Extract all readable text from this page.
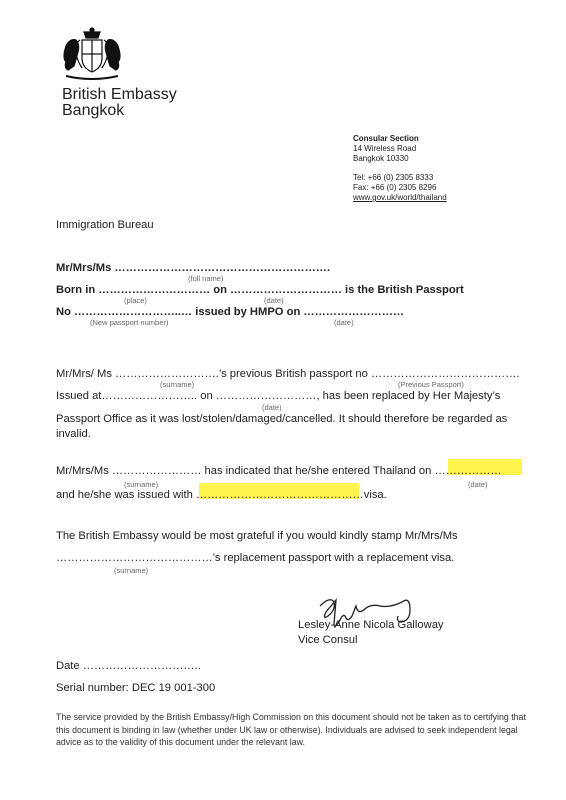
British Embassy
Bangkok
Consular Section
14 Wireless Road
Bangkok 10330
Tel: +66 (0) 2305 8333
Fax: +66 (0) 2305 8296
www.gov.uk/world/thailand
Immigration Bureau
Mr/Mrs/Ms ………………………………………………….
(full name)
Born in ………………………… on ………………………… is the British Passport
(place)	(date)
No ………………………..… issued by HMPO on ………………………
(New passport number)	(date)
Mr/Mrs/ Ms ……………………….’s previous British passport no ………………………………….
(surname)	(Previous Passport)
Issued at…………………….. on ………………………, has been replaced by Her Majesty’s
(date)
Passport Office as it was lost/stolen/damaged/cancelled. It should therefore be regarded as
invalid.
Mr/Mrs/Ms …………………… has indicated that he/she entered Thailand on ………………
(surname)	(date)
and he/she was issued with ………………………………………visa.
The British Embassy would be most grateful if you would kindly stamp Mr/Mrs/Ms
……………………………………’s replacement passport with a replacement visa.
(surname)
Lesley-Anne Nicola Galloway
Vice Consul
Date …………………………..
Serial number: DEC 19 001-300
The service provided by the British Embassy/High Commission on this document should not be taken as to certifying that this document is binding in law (whether under UK law or otherwise). Individuals are advised to seek independent legal advice as to the validity of this document under the relevant law.
